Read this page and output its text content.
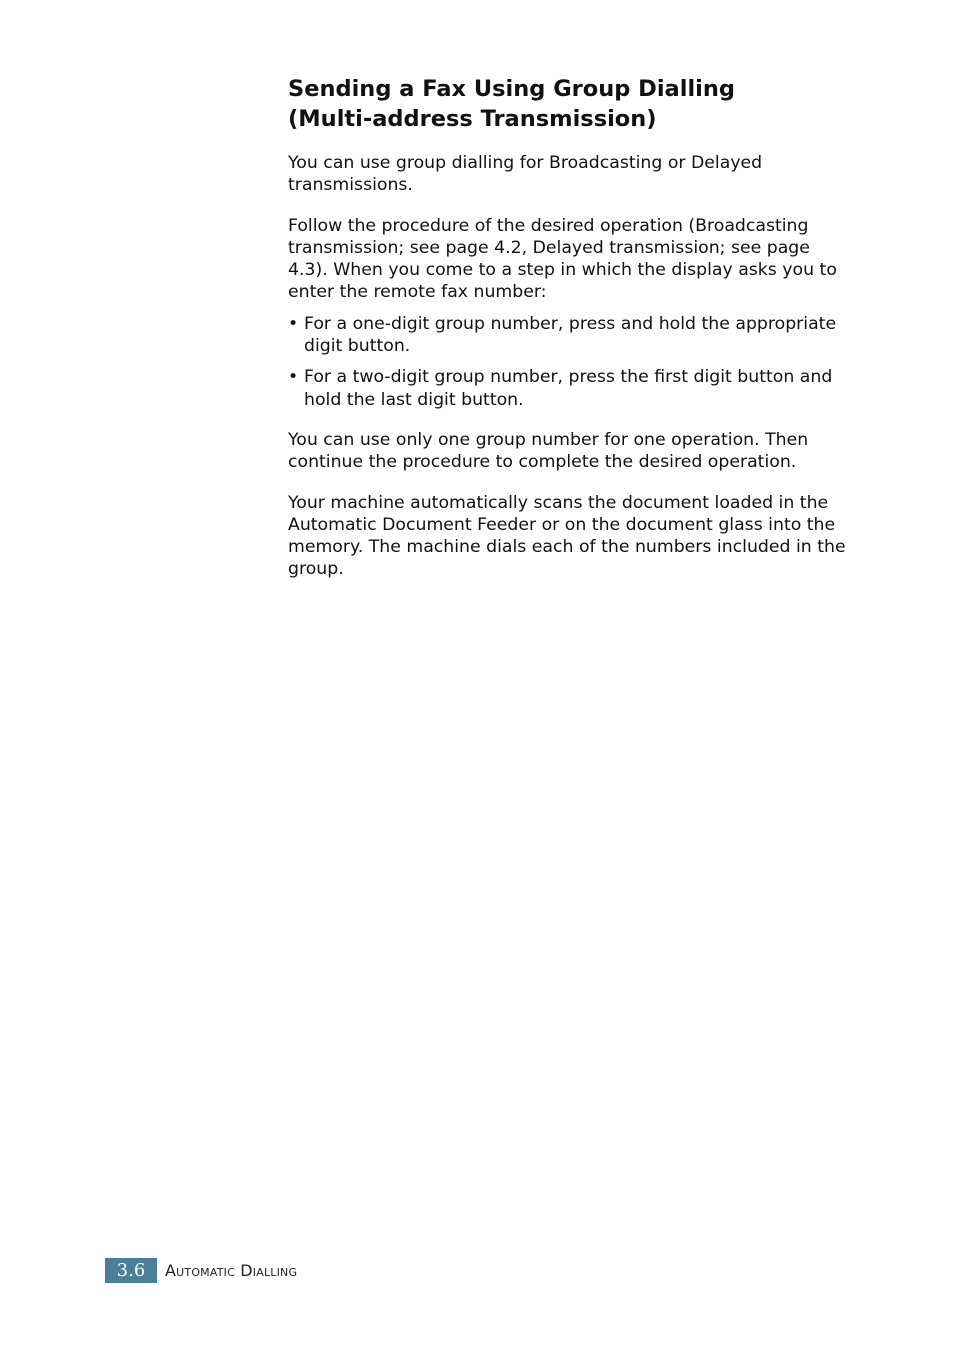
Sending a Fax Using Group Dialling
(Multi-address Transmission)

You can use group dialling for Broadcasting or Delayed transmissions.

Follow the procedure of the desired operation (Broadcasting transmission; see page 4.2, Delayed transmission; see page 4.3). When you come to a step in which the display asks you to enter the remote fax number:

• For a one-digit group number, press and hold the appropriate digit button.
• For a two-digit group number, press the first digit button and hold the last digit button.

You can use only one group number for one operation. Then continue the procedure to complete the desired operation.

Your machine automatically scans the document loaded in the Automatic Document Feeder or on the document glass into the memory. The machine dials each of the numbers included in the group.

3.6	Automatic Dialling
